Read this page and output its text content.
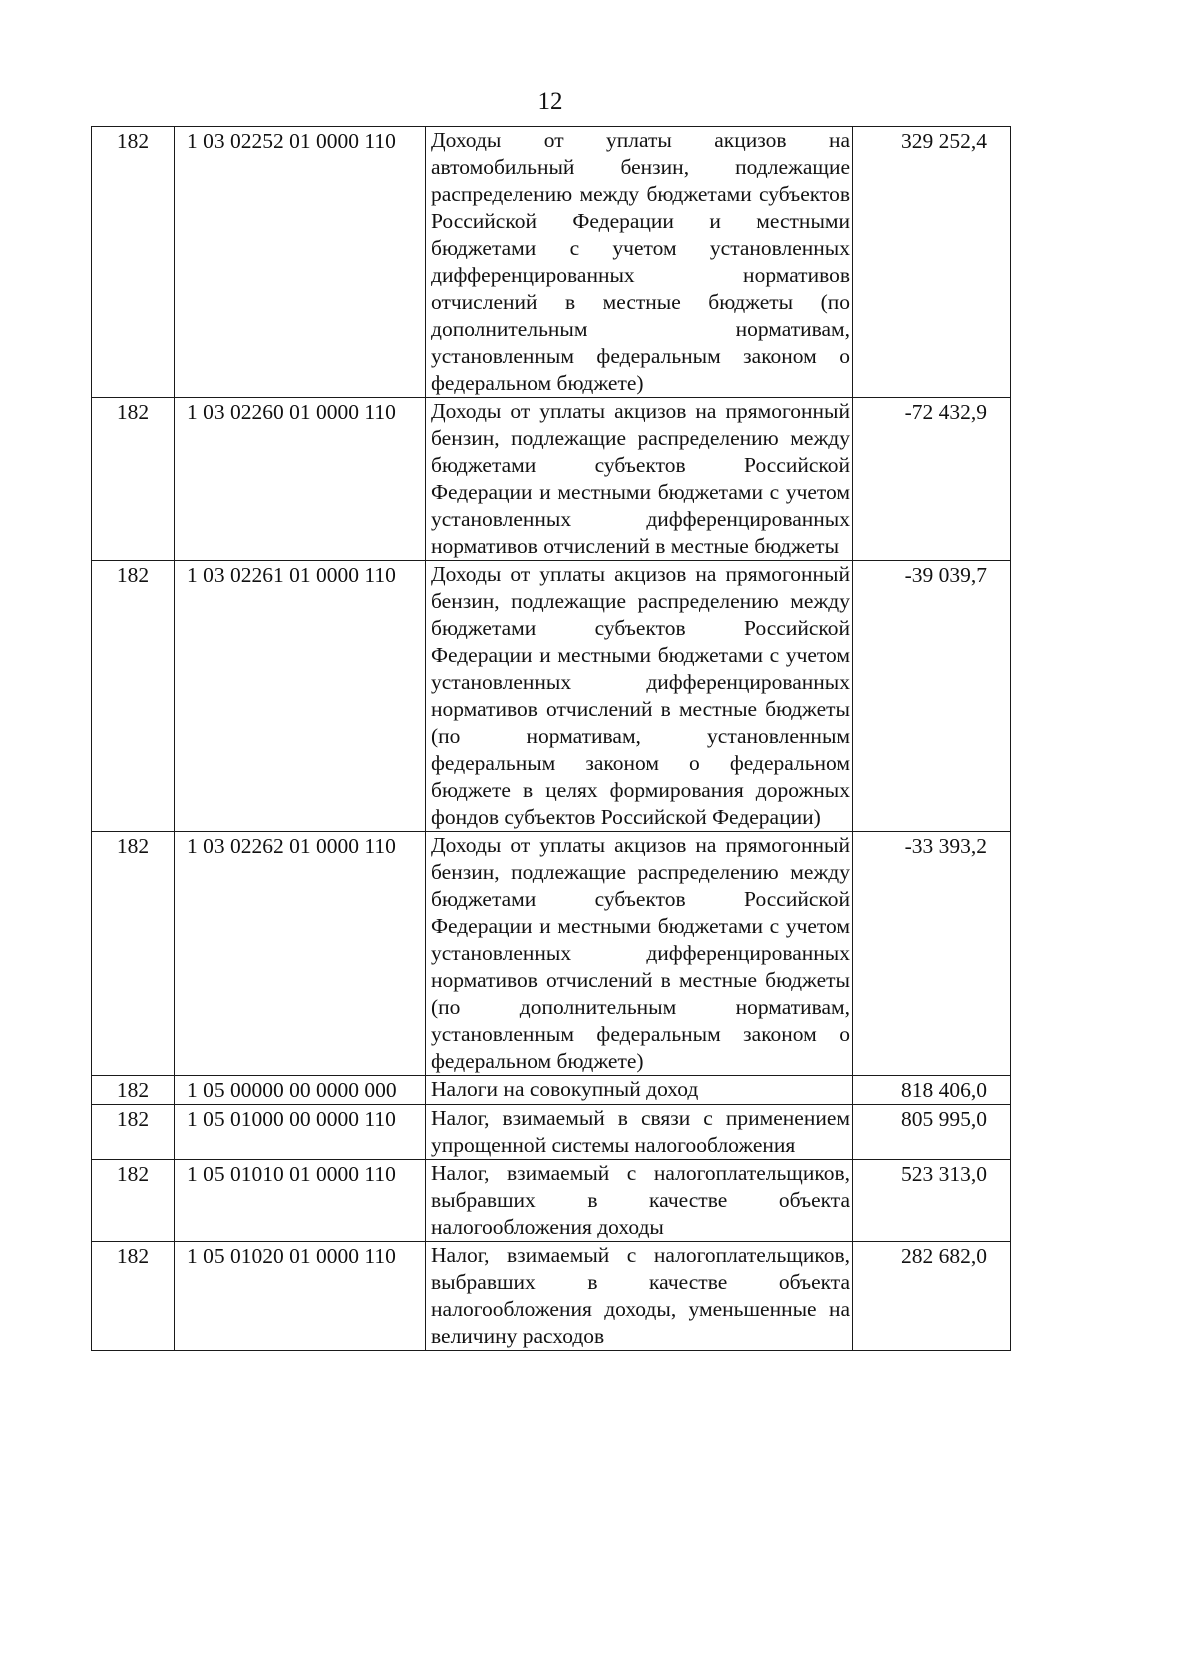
12
182	1 03 02252 01 0000 110	Доходы от уплаты акцизов на автомобильный бензин, подлежащие распределению между бюджетами субъектов Российской Федерации и местными бюджетами с учетом установленных дифференцированных нормативов отчислений в местные бюджеты (по дополнительным нормативам, установленным федеральным законом о федеральном бюджете)	329 252,4
182	1 03 02260 01 0000 110	Доходы от уплаты акцизов на прямогонный бензин, подлежащие распределению между бюджетами субъектов Российской Федерации и местными бюджетами с учетом установленных дифференцированных нормативов отчислений в местные бюджеты	-72 432,9
182	1 03 02261 01 0000 110	Доходы от уплаты акцизов на прямогонный бензин, подлежащие распределению между бюджетами субъектов Российской Федерации и местными бюджетами с учетом установленных дифференцированных нормативов отчислений в местные бюджеты (по нормативам, установленным федеральным законом о федеральном бюджете в целях формирования дорожных фондов субъектов Российской Федерации)	-39 039,7
182	1 03 02262 01 0000 110	Доходы от уплаты акцизов на прямогонный бензин, подлежащие распределению между бюджетами субъектов Российской Федерации и местными бюджетами с учетом установленных дифференцированных нормативов отчислений в местные бюджеты (по дополнительным нормативам, установленным федеральным законом о федеральном бюджете)	-33 393,2
182	1 05 00000 00 0000 000	Налоги на совокупный доход	818 406,0
182	1 05 01000 00 0000 110	Налог, взимаемый в связи с применением упрощенной системы налогообложения	805 995,0
182	1 05 01010 01 0000 110	Налог, взимаемый с налогоплательщиков, выбравших в качестве объекта налогообложения доходы	523 313,0
182	1 05 01020 01 0000 110	Налог, взимаемый с налогоплательщиков, выбравших в качестве объекта налогообложения доходы, уменьшенные на величину расходов	282 682,0
